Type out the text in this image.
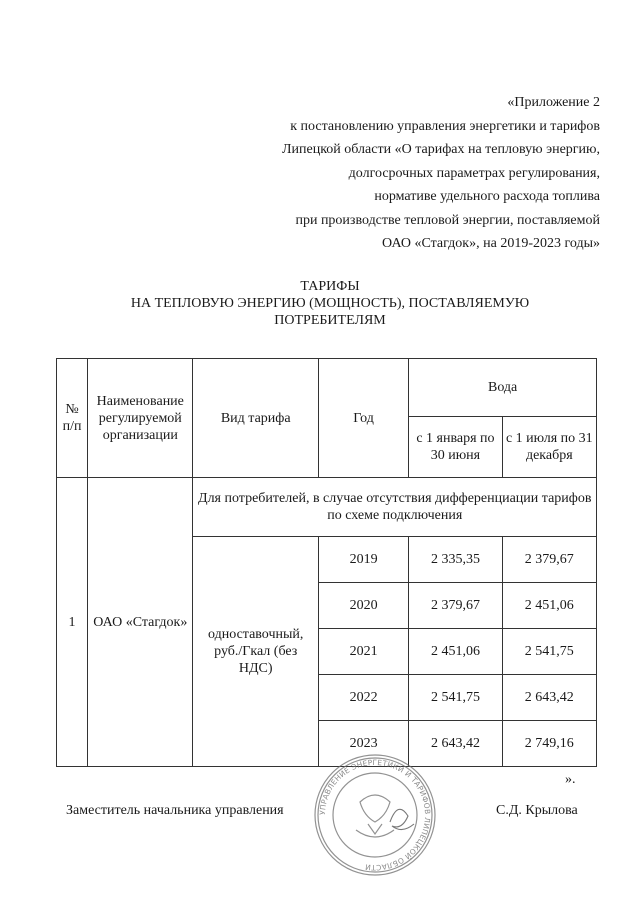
«Приложение 2
к постановлению управления энергетики и тарифов
Липецкой области «О тарифах на тепловую энергию,
долгосрочных параметрах регулирования,
нормативе удельного расхода топлива
при производстве тепловой энергии, поставляемой
ОАО «Стагдок», на 2019-2023 годы»
ТАРИФЫ
НА ТЕПЛОВУЮ ЭНЕРГИЮ (МОЩНОСТЬ), ПОСТАВЛЯЕМУЮ
ПОТРЕБИТЕЛЯМ
№ п/п	Наименование регулируемой организации	Вид тарифа	Год	Вода	
				с 1 января по 30 июня	с 1 июля по 31 декабря
1	ОАО «Стагдок»	Для потребителей, в случае отсутствия дифференциации тарифов по схеме подключения			
		одноставочный, руб./Гкал (без НДС)	2019	2 335,35	2 379,67
			2020	2 379,67	2 451,06
			2021	2 451,06	2 541,75
			2022	2 541,75	2 643,42
			2023	2 643,42	2 749,16
».
УПРАВЛЕНИЕ ЭНЕРГЕТИКИ И ТАРИФОВ ЛИПЕЦКОЙ ОБЛАСТИ
Заместитель начальника управления	С.Д. Крылова
